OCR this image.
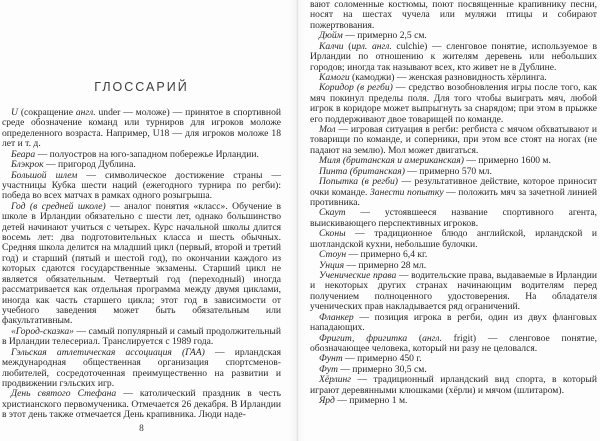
ГЛОССАРИЙ

U (сокращение англ. under — моложе) — принятое в спортивной среде обозначение команд или турниров для игроков моложе определенного возраста. Например, U18 — для игроков моложе 18 лет и т. д.

Беара — полуостров на юго-западном побережье Ирландии.

Блэкрок — пригород Дублина.

Большой шлем — символическое достижение страны — участницы Кубка шести наций (ежегодного турнира по регби): победа во всех матчах в рамках одного розыгрыша.

Год (в средней школе) — аналог понятия «класс». Обучение в школе в Ирландии обязательно с шести лет, однако большинство детей начинают учиться с четырех. Курс начальной школы длится восемь лет: два подготовительных класса и шесть обычных. Средняя школа делится на младший цикл (первый, второй и третий год) и старший (пятый и шестой год), по окончании каждого из которых сдаются государственные экзамены. Старший цикл не является обязательным. Четвертый год (переходный) иногда рассматривается как отдельная программа между двумя циклами, иногда как часть старшего цикла; этот год в зависимости от учебного заведения может быть обязательным или факультативным.

«Город-сказка» — самый популярный и самый продолжительный в Ирландии телесериал. Транслируется с 1989 года.

Гэльская атлетическая ассоциация (ГАА) — ирландская международная общественная организация спортсменов-любителей, сосредоточенная преимущественно на развитии и продвижении гэльских игр.

День святого Стефана — католический праздник в честь христианского первомученика. Отмечается 26 декабря. В Ирландии в этот день также отмечается День крапивника. Люди наде-

8

вают соломенные костюмы, поют посвященные крапивнику песни, носят на шестах чучела или муляжи птицы и собирают пожертвования.

Дюйм — примерно 2,5 см.

Калчи (ирл. англ. culchie) — сленговое понятие, используемое в Ирландии по отношению к жителям деревень или небольших городов; иногда так называют всех, кто живет не в Дублине.

Камоги (камоджи) — женская разновидность хёрлинга.

Коридор (в регби) — средство возобновления игры после того, как мяч покинул пределы поля. Для того чтобы выиграть мяч, любой игрок в коридоре может выпрыгнуть за снарядом; при этом в прыжке его поддерживают двое товарищей по команде.

Мол — игровая ситуация в регби: регбиста с мячом обхватывают и товарищи по команде, и соперники, при этом все стоят на ногах (не падают на землю). Мол может двигаться.

Миля (британская и американская) — примерно 1600 м.

Пинта (британская) — примерно 570 мл.

Попытка (в регби) — результативное действие, которое приносит очки команде. Занести попытку — положить мяч за зачетной линией противника.

Скаут — устоявшееся название спортивного агента, выискивающего перспективных игроков.

Сконы — традиционное блюдо английской, ирландской и шотландской кухни, небольшие булочки.

Стоун — примерно 6,4 кг.

Унция — примерно 28 мл.

Ученические права — водительские права, выдаваемые в Ирландии и некоторых других странах начинающим водителям перед получением полноценного удостоверения. На обладателя ученических прав накладывается ряд ограничений.

Фланкер — позиция игрока в регби, один из двух фланговых нападающих.

Фригит, фригитка (англ. frigit) — сленговое понятие, обозначающее человека, который ни разу не целовался.

Фунт — примерно 450 г.

Фут — примерно 30,5 см.

Хёрлинг — традиционный ирландский вид спорта, в который играют деревянными клюшками (хёрли) и мячом (шлитаром).

Ярд — примерно 1 м.
